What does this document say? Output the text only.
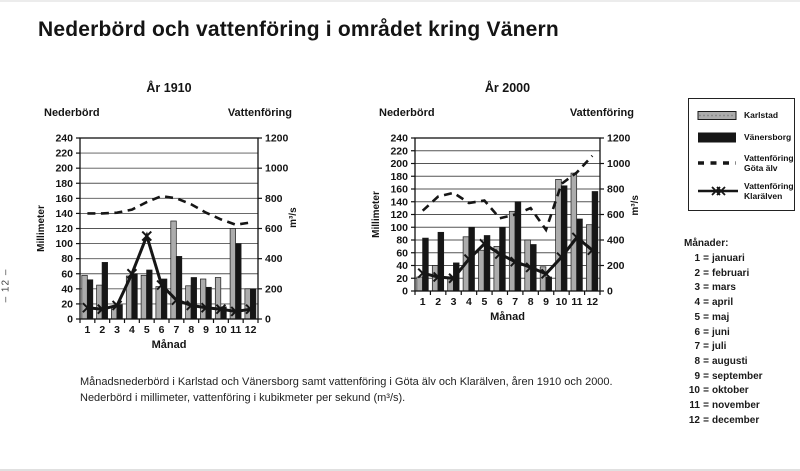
Nederbörd och vattenföring i området kring Vänern
– 12 –
0
20
40
60
80
100
120
140
160
180
200
220
240
0
200
400
600
800
1000
1200
1 2 3 4 5 6 7 8 9 10 11 12
Månad
År 1910
Nederbörd	Vattenföring
Millimeter	m³/s
0
20
40
60
80
100
120
140
160
180
200
220
240
0
200
400
600
800
1000
1200
1 2 3 4 5 6 7 8 9 10 11 12
Månad
År 2000
Nederbörd	Vattenföring
Millimeter	m³/s
Karlstad
Vänersborg
Vattenföring
Göta älv
Vattenföring
Klarälven
Månader:
1 = januari
2 = februari
3 = mars
4 = april
5 = maj
6 = juni
7 = juli
8 = augusti
9 = september
10 = oktober
11 = november
12 = december
Månadsnederbörd i Karlstad och Vänersborg samt vattenföring i Göta älv och Klarälven, åren 1910 och 2000.
Nederbörd i millimeter, vattenföring i kubikmeter per sekund (m³/s).
